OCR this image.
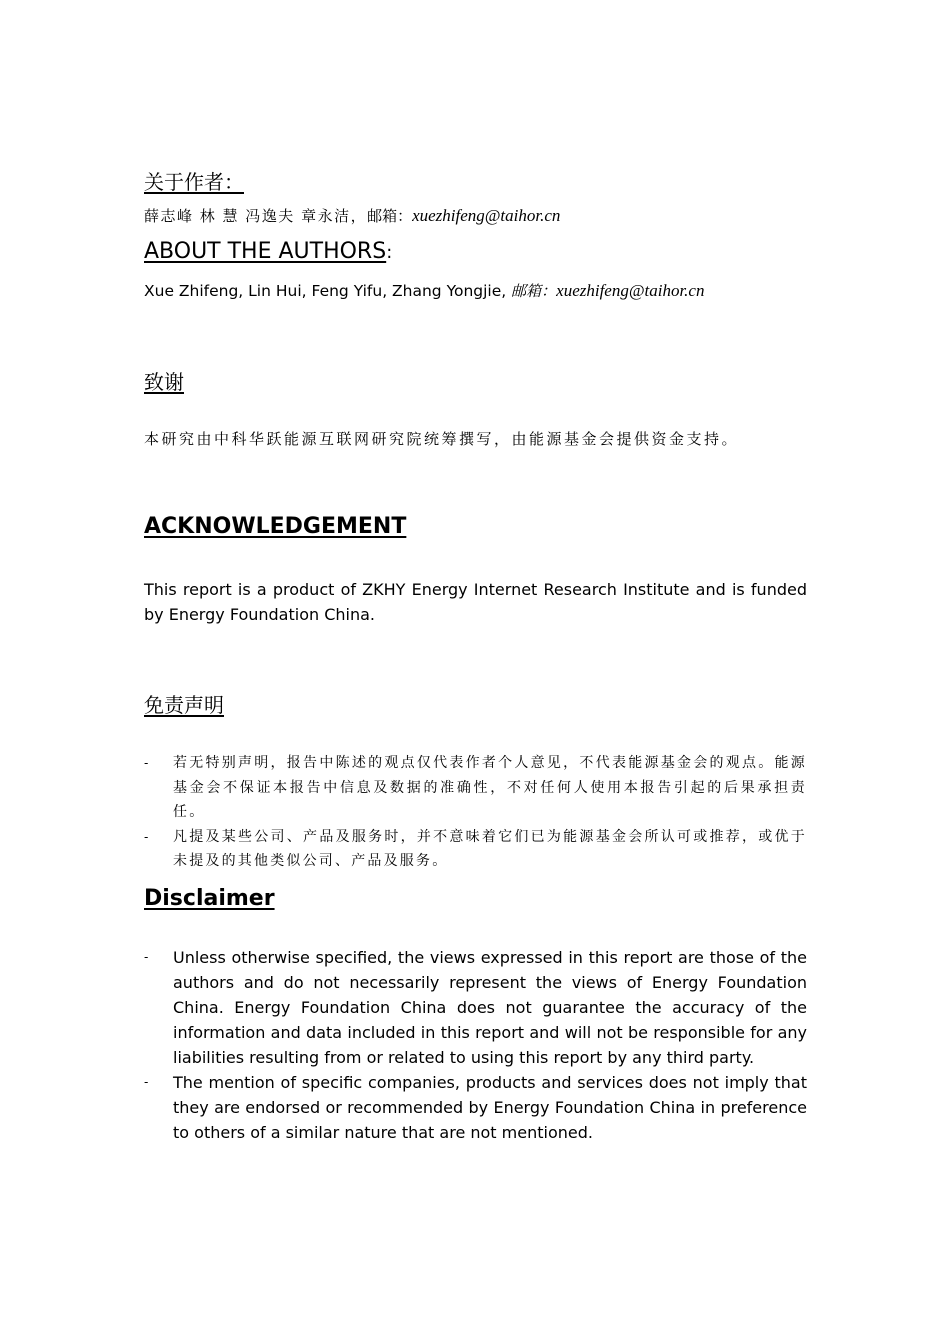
关于作者：
薛志峰 林 慧 冯逸夫 章永洁，邮箱：xuezhifeng@taihor.cn
ABOUT THE AUTHORS:
Xue Zhifeng, Lin Hui, Feng Yifu, Zhang Yongjie, 邮箱：xuezhifeng@taihor.cn
致谢
本研究由中科华跃能源互联网研究院统筹撰写，由能源基金会提供资金支持。
ACKNOWLEDGEMENT
This report is a product of ZKHY Energy Internet Research Institute and is funded by Energy Foundation China.
免责声明
- 若无特别声明，报告中陈述的观点仅代表作者个人意见，不代表能源基金会的观点。能源基金会不保证本报告中信息及数据的准确性，不对任何人使用本报告引起的后果承担责任。
- 凡提及某些公司、产品及服务时，并不意味着它们已为能源基金会所认可或推荐，或优于未提及的其他类似公司、产品及服务。
Disclaimer
- Unless otherwise specified, the views expressed in this report are those of the authors and do not necessarily represent the views of Energy Foundation China. Energy Foundation China does not guarantee the accuracy of the information and data included in this report and will not be responsible for any liabilities resulting from or related to using this report by any third party.
- The mention of specific companies, products and services does not imply that they are endorsed or recommended by Energy Foundation China in preference to others of a similar nature that are not mentioned.
